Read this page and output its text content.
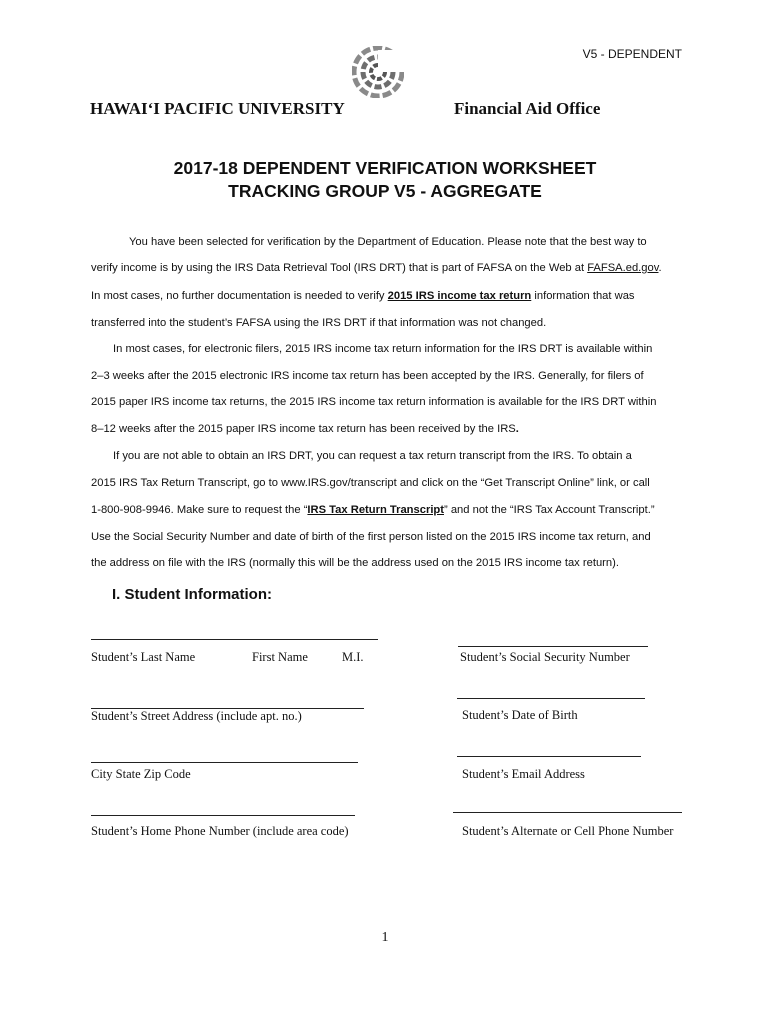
V5 - DEPENDENT
HAWAI‘I PACIFIC UNIVERSITY	Financial Aid Office
2017-18 DEPENDENT VERIFICATION WORKSHEET
TRACKING GROUP V5 - AGGREGATE
You have been selected for verification by the Department of Education. Please note that the best way to
verify income is by using the IRS Data Retrieval Tool (IRS DRT) that is part of FAFSA on the Web at FAFSA.ed.gov.
In most cases, no further documentation is needed to verify 2015 IRS income tax return information that was
transferred into the student’s FAFSA using the IRS DRT if that information was not changed.
In most cases, for electronic filers, 2015 IRS income tax return information for the IRS DRT is available within
2–3 weeks after the 2015 electronic IRS income tax return has been accepted by the IRS. Generally, for filers of
2015 paper IRS income tax returns, the 2015 IRS income tax return information is available for the IRS DRT within
8–12 weeks after the 2015 paper IRS income tax return has been received by the IRS.
If you are not able to obtain an IRS DRT, you can request a tax return transcript from the IRS. To obtain a
2015 IRS Tax Return Transcript, go to www.IRS.gov/transcript and click on the “Get Transcript Online” link, or call
1-800-908-9946. Make sure to request the “IRS Tax Return Transcript” and not the “IRS Tax Account Transcript.”
Use the Social Security Number and date of birth of the first person listed on the 2015 IRS income tax return, and
the address on file with the IRS (normally this will be the address used on the 2015 IRS income tax return).
I. Student Information:
Student’s Last Name	First Name	M.I.	Student’s Social Security Number
Student’s Street Address (include apt. no.)	Student’s Date of Birth
City State Zip Code	Student’s Email Address
Student’s Home Phone Number (include area code)	Student’s Alternate or Cell Phone Number
1
